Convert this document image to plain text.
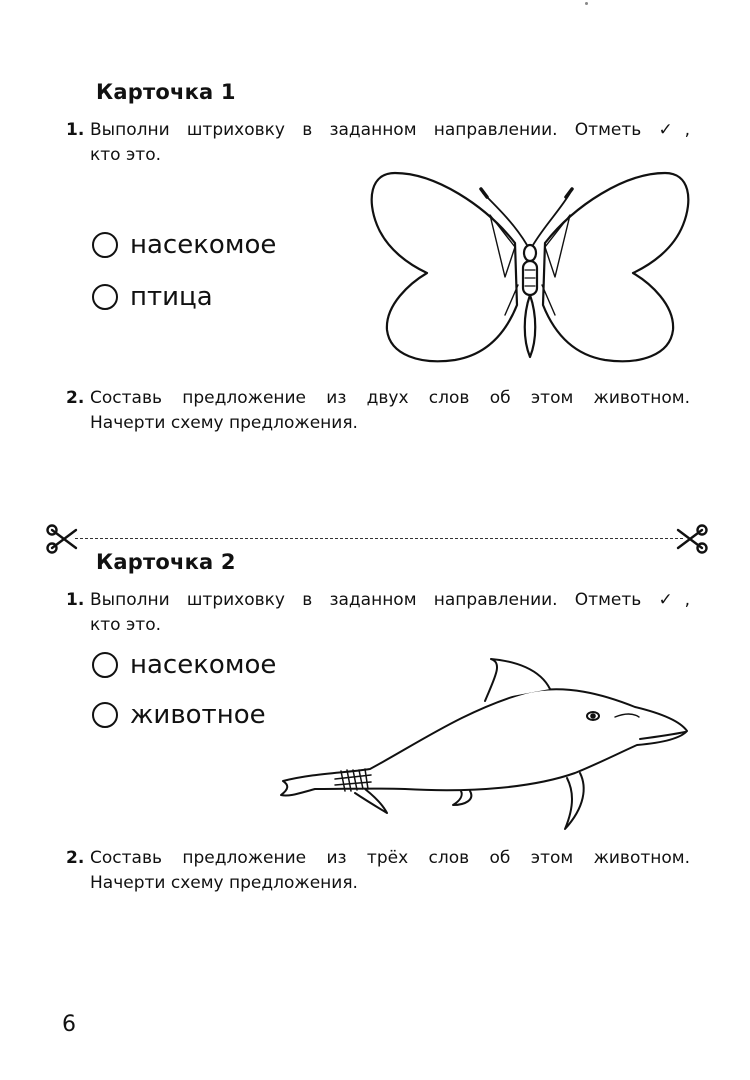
Карточка 1
1. Выполни штриховку в заданном направлении. Отметь ✓,
кто это.
насекомое
птица
2. Составь предложение из двух слов об этом животном.
Начерти схему предложения.
Карточка 2
1. Выполни штриховку в заданном направлении. Отметь ✓,
кто это.
насекомое
животное
2. Составь предложение из трёх слов об этом животном.
Начерти схему предложения.
6
